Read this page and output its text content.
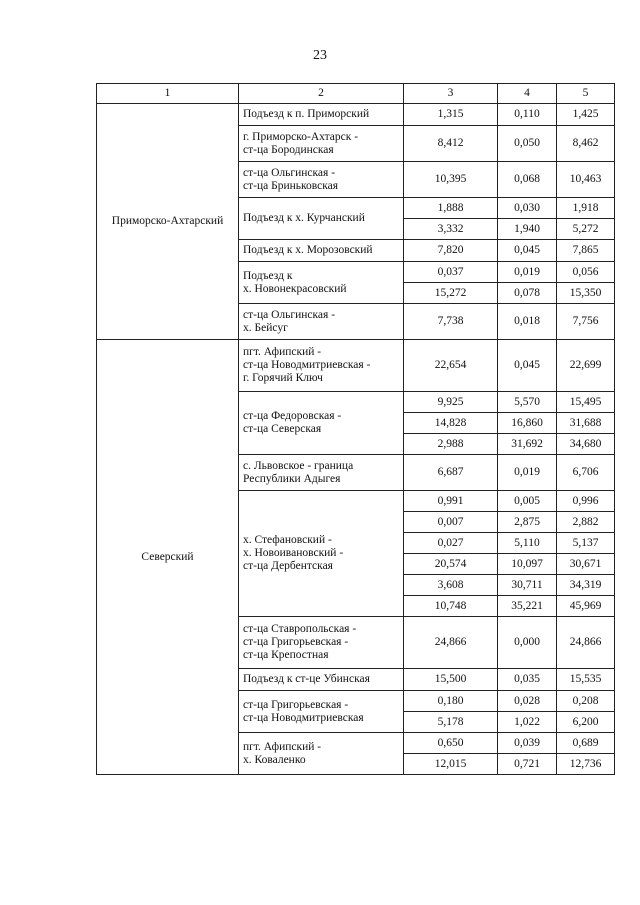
23
1	2	3	4	5
Приморско-Ахтарский	Подъезд к п. Приморский	1,315	0,110	1,425
	г. Приморско-Ахтарск -
ст-ца Бородинская	8,412	0,050	8,462
	ст-ца Ольгинская -
ст-ца Бриньковская	10,395	0,068	10,463
	Подъезд к х. Курчанский	1,888	0,030	1,918
		3,332	1,940	5,272
	Подъезд к х. Морозовский	7,820	0,045	7,865
	Подъезд к
х. Новонекрасовский	0,037	0,019	0,056
		15,272	0,078	15,350
	ст-ца Ольгинская -
х. Бейсуг	7,738	0,018	7,756
Северский	пгт. Афипский -
ст-ца Новодмитриевская -
г. Горячий Ключ	22,654	0,045	22,699
	ст-ца Федоровская -
ст-ца Северская	9,925	5,570	15,495
		14,828	16,860	31,688
		2,988	31,692	34,680
	с. Львовское - граница
Республики Адыгея	6,687	0,019	6,706
	х. Стефановский -
х. Новоивановский -
ст-ца Дербентская	0,991	0,005	0,996
		0,007	2,875	2,882
		0,027	5,110	5,137
		20,574	10,097	30,671
		3,608	30,711	34,319
		10,748	35,221	45,969
	ст-ца Ставропольская -
ст-ца Григорьевская -
ст-ца Крепостная	24,866	0,000	24,866
	Подъезд к ст-це Убинская	15,500	0,035	15,535
	ст-ца Григорьевская -
ст-ца Новодмитриевская	0,180	0,028	0,208
		5,178	1,022	6,200
	пгт. Афипский -
х. Коваленко	0,650	0,039	0,689
		12,015	0,721	12,736
